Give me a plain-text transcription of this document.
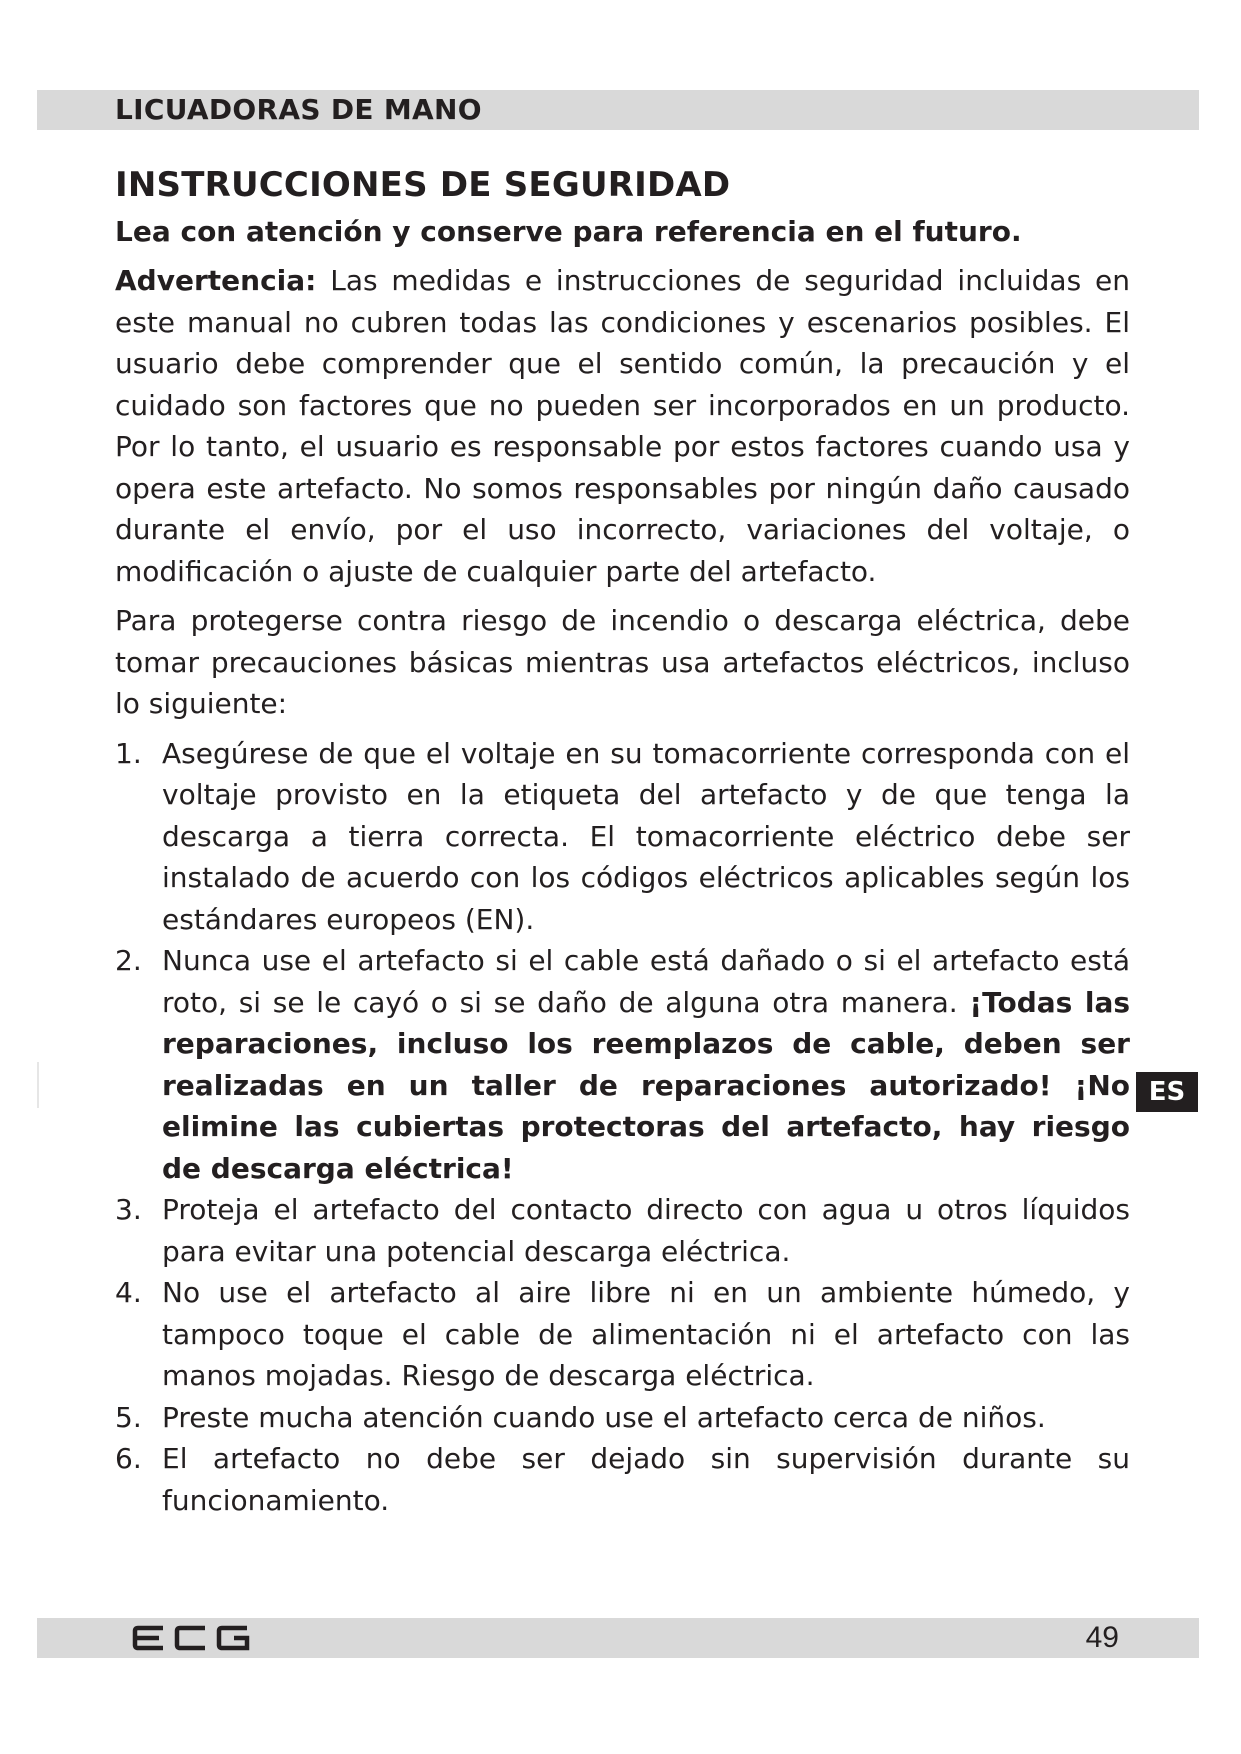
LICUADORAS DE MANO
INSTRUCCIONES DE SEGURIDAD

Lea con atención y conserve para referencia en el futuro.

Advertencia: Las medidas e instrucciones de seguridad incluidas en este manual no cubren todas las condiciones y escenarios posibles. El usuario debe comprender que el sentido común, la precaución y el cuidado son factores que no pueden ser incorporados en un producto. Por lo tanto, el usuario es responsable por estos factores cuando usa y opera este artefacto. No somos responsables por ningún daño causado durante el envío, por el uso incorrecto, variaciones del voltaje, o modificación o ajuste de cualquier parte del artefacto.

Para protegerse contra riesgo de incendio o descarga eléctrica, debe tomar precauciones básicas mientras usa artefactos eléctricos, incluso lo siguiente:

1. Asegúrese de que el voltaje en su tomacorriente corresponda con el voltaje provisto en la etiqueta del artefacto y de que tenga la descarga a tierra correcta. El tomacorriente eléctrico debe ser instalado de acuerdo con los códigos eléctricos aplicables según los estándares europeos (EN).
2. Nunca use el artefacto si el cable está dañado o si el artefacto está roto, si se le cayó o si se daño de alguna otra manera. ¡Todas las reparaciones, incluso los reemplazos de cable, deben ser realizadas en un taller de reparaciones autorizado! ¡No elimine las cubiertas protectoras del artefacto, hay riesgo de descarga eléctrica!
3. Proteja el artefacto del contacto directo con agua u otros líquidos para evitar una potencial descarga eléctrica.
4. No use el artefacto al aire libre ni en un ambiente húmedo, y tampoco toque el cable de alimentación ni el artefacto con las manos mojadas. Riesgo de descarga eléctrica.
5. Preste mucha atención cuando use el artefacto cerca de niños.
6. El artefacto no debe ser dejado sin supervisión durante su funcionamiento.
ES
49
